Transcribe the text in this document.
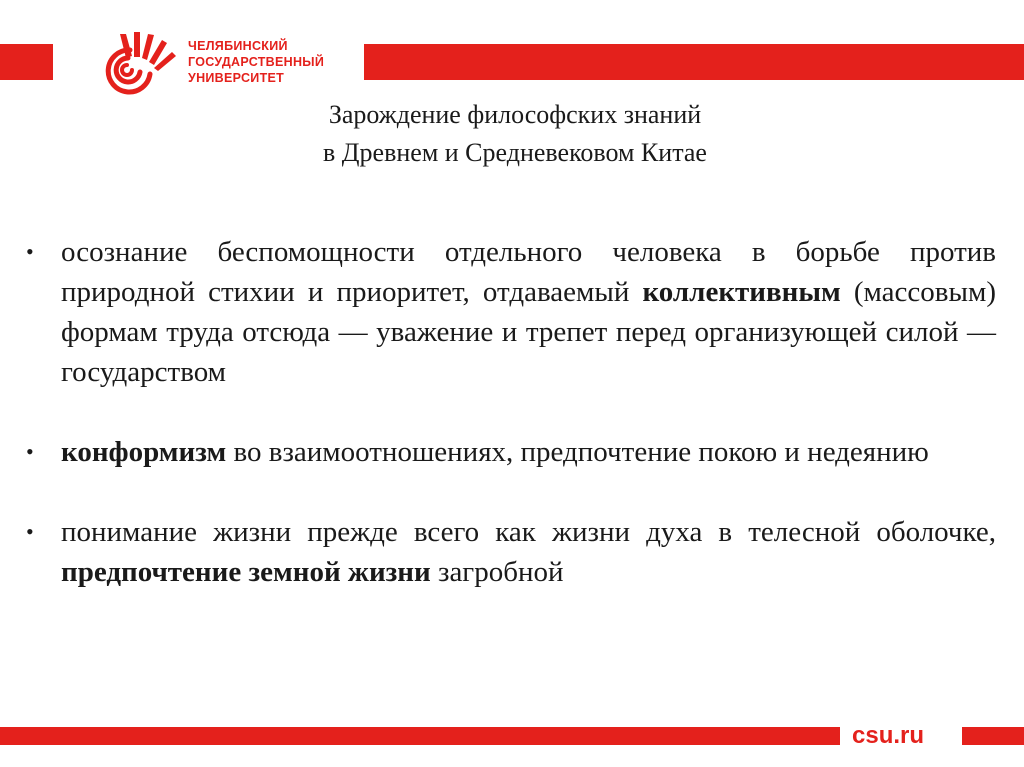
ЧЕЛЯБИНСКИЙ
ГОСУДАРСТВЕННЫЙ
УНИВЕРСИТЕТ
Зарождение философских знаний
в Древнем и Средневековом Китае
• осознание беспомощности отдельного человека в борьбе против природной стихии и приоритет, отдаваемый коллективным (массовым) формам труда отсюда — уважение и трепет перед организующей силой — государством
• конформизм во взаимоотношениях, предпочтение покою и недеянию
• понимание жизни прежде всего как жизни духа в телесной оболочке, предпочтение земной жизни загробной
csu.ru
